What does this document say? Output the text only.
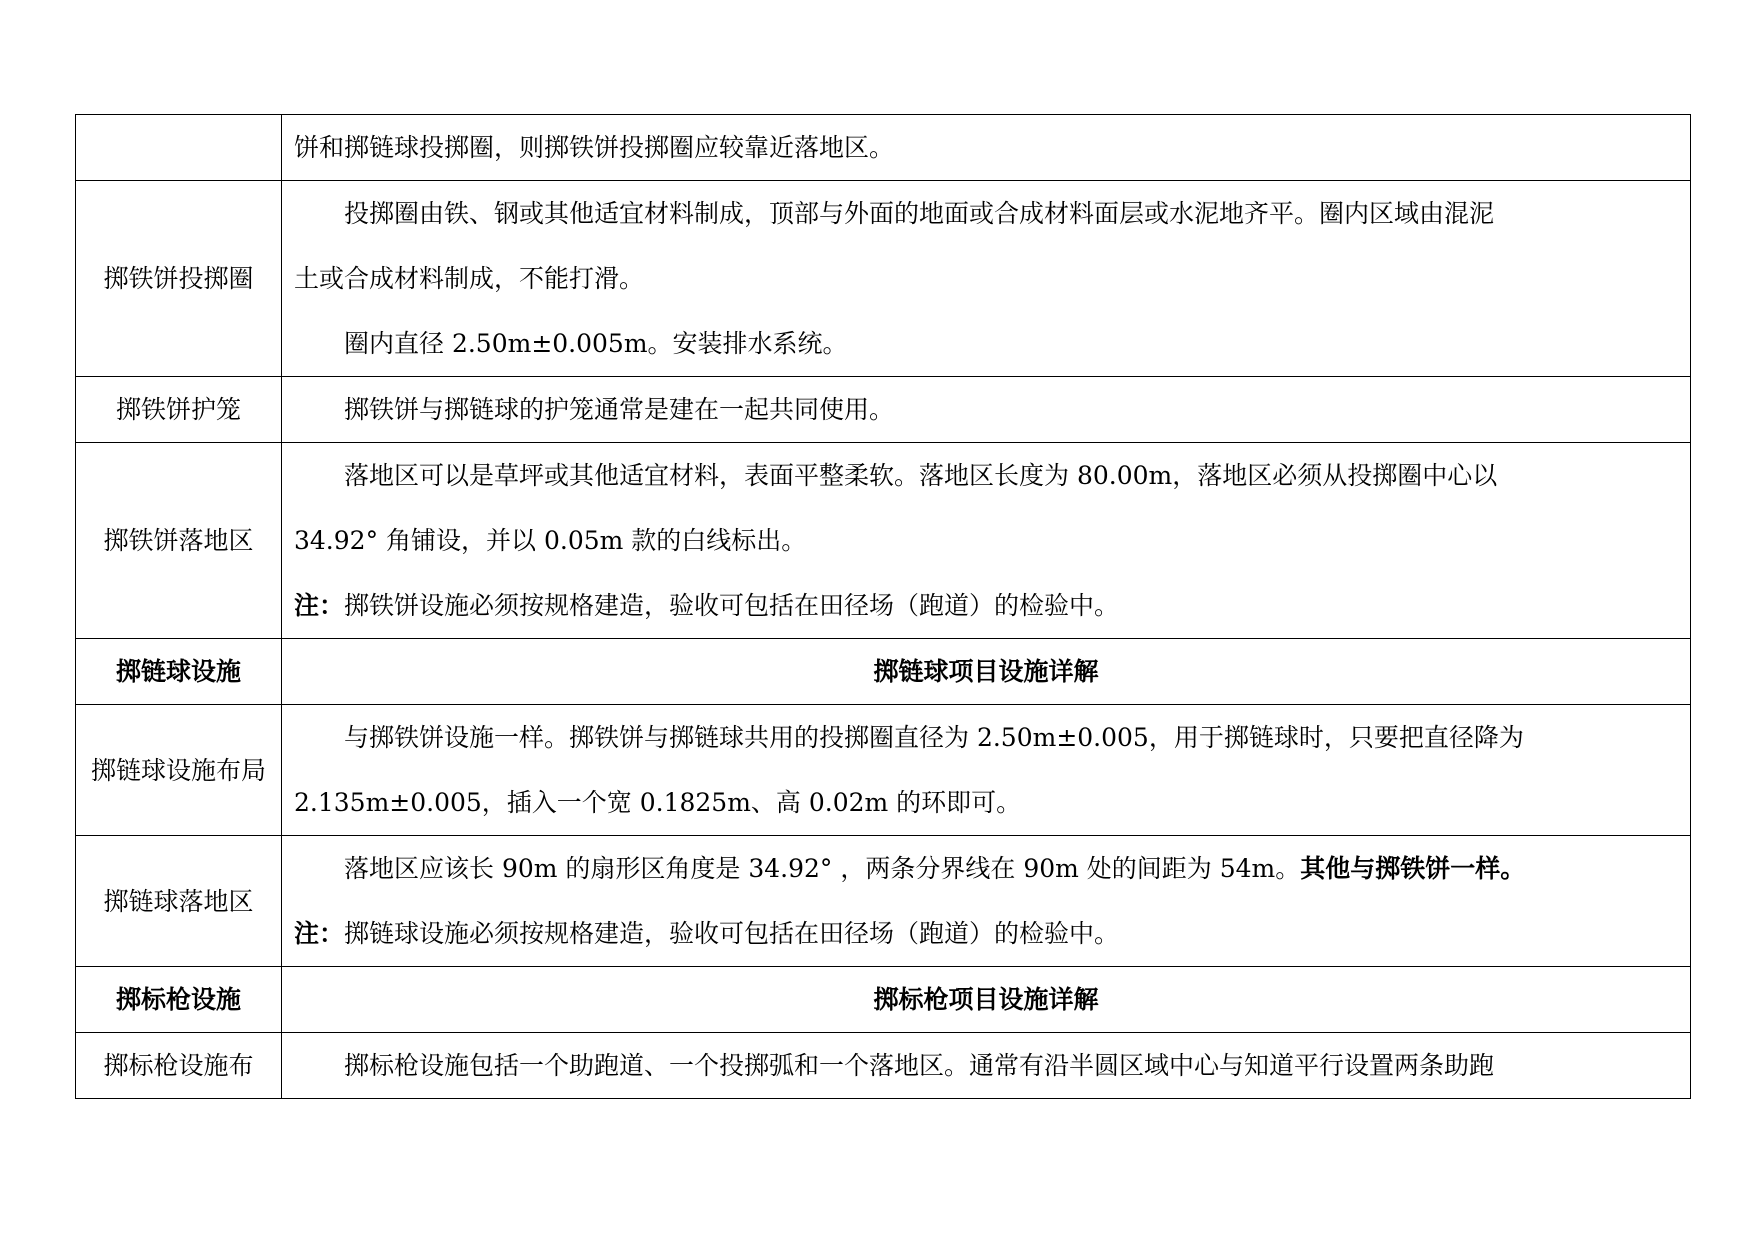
	饼和掷链球投掷圈，则掷铁饼投掷圈应较靠近落地区。

掷铁饼投掷圈	投掷圈由铁、钢或其他适宜材料制成，顶部与外面的地面或合成材料面层或水泥地齐平。圈内区域由混泥
土或合成材料制成，不能打滑。
圈内直径 2.50m±0.005m。安装排水系统。

掷铁饼护笼	掷铁饼与掷链球的护笼通常是建在一起共同使用。

掷铁饼落地区	落地区可以是草坪或其他适宜材料，表面平整柔软。落地区长度为 80.00m，落地区必须从投掷圈中心以
34.92° 角铺设，并以 0.05m 款的白线标出。
注：掷铁饼设施必须按规格建造，验收可包括在田径场（跑道）的检验中。

掷链球设施	掷链球项目设施详解
掷链球设施布局	与掷铁饼设施一样。掷铁饼与掷链球共用的投掷圈直径为 2.50m±0.005，用于掷链球时，只要把直径降为
2.135m±0.005，插入一个宽 0.1825m、高 0.02m 的环即可。

掷链球落地区	落地区应该长 90m 的扇形区角度是 34.92° ，两条分界线在 90m 处的间距为 54m。其他与掷铁饼一样。
注：掷链球设施必须按规格建造，验收可包括在田径场（跑道）的检验中。

掷标枪设施	掷标枪项目设施详解
掷标枪设施布	掷标枪设施包括一个助跑道、一个投掷弧和一个落地区。通常有沿半圆区域中心与知道平行设置两条助跑
